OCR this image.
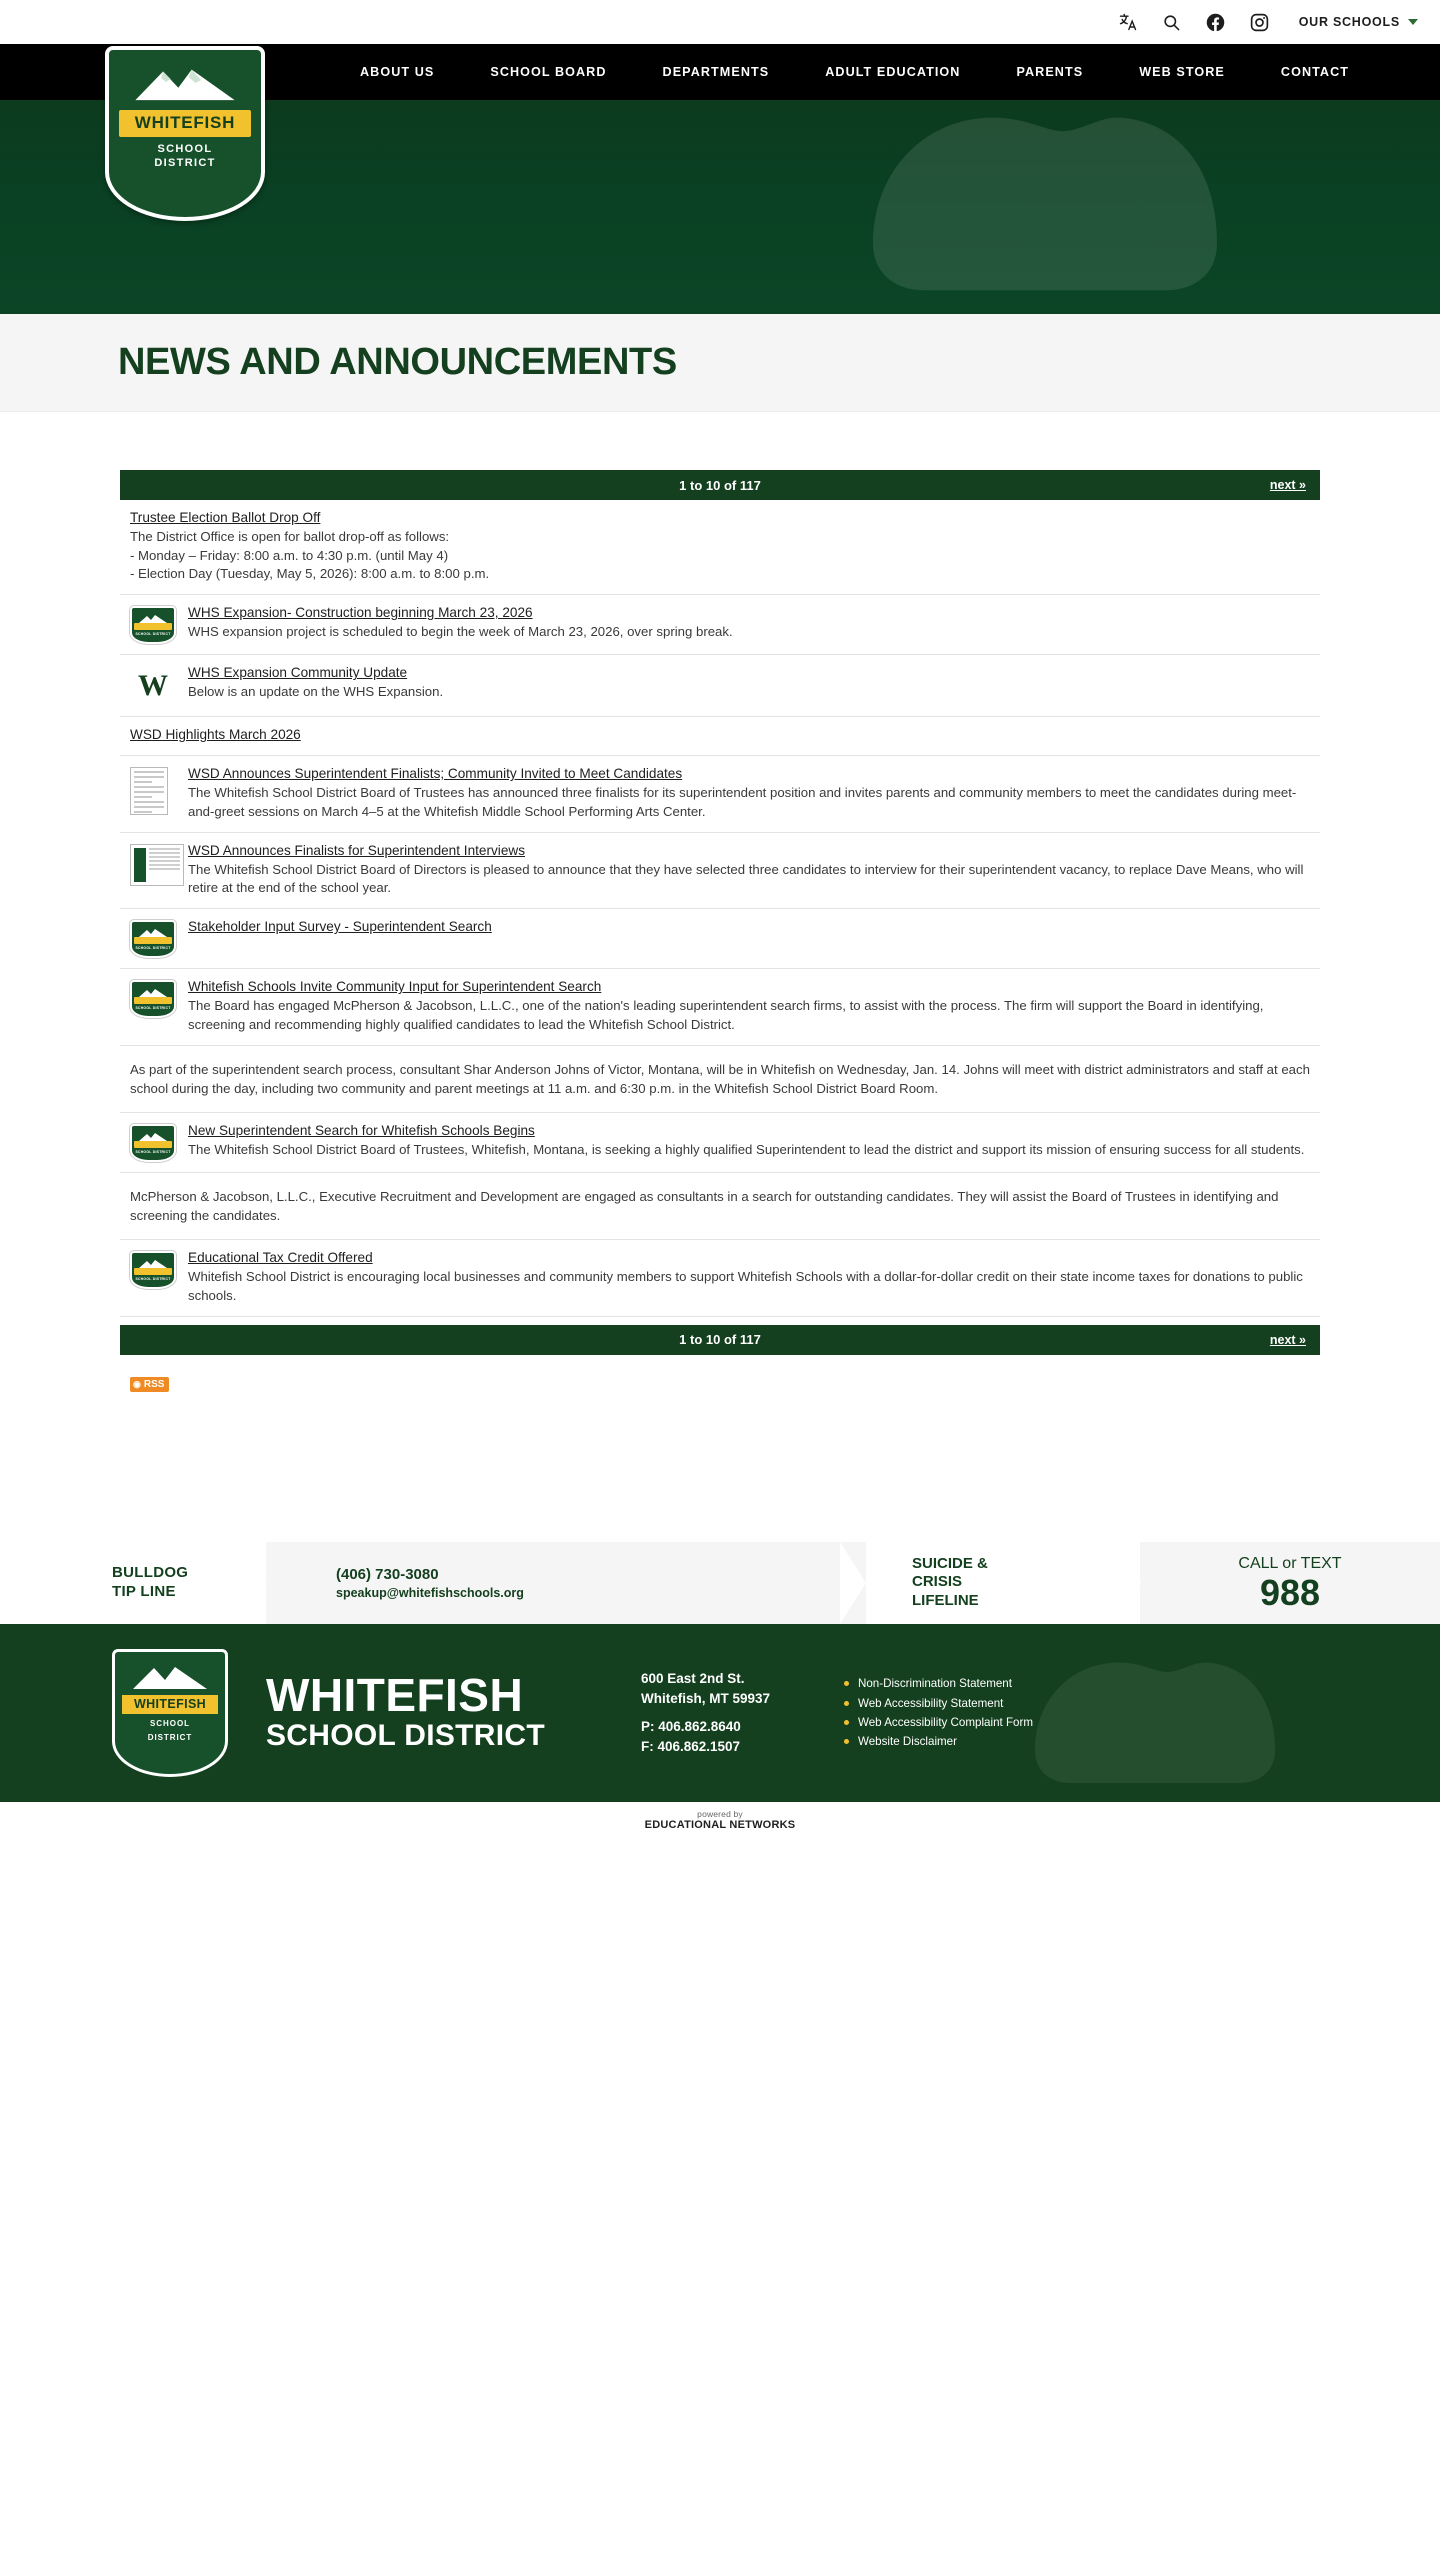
OUR SCHOOLS
ABOUT US	SCHOOL BOARD	DEPARTMENTS	ADULT EDUCATION	PARENTS	WEB STORE	CONTACT
WHITEFISH
SCHOOL
DISTRICT
NEWS AND ANNOUNCEMENTS
1 to 10 of 117	next »
Trustee Election Ballot Drop Off
The District Office is open for ballot drop-off as follows:
- Monday – Friday: 8:00 a.m. to 4:30 p.m. (until May 4)
- Election Day (Tuesday, May 5, 2026): 8:00 a.m. to 8:00 p.m.
SCHOOL DISTRICT
WHS Expansion- Construction beginning March 23, 2026

WHS expansion project is scheduled to begin the week of March 23, 2026, over spring break.

W	WHS Expansion Community Update

Below is an update on the WHS Expansion.

WSD Highlights March 2026
WSD Announces Superintendent Finalists; Community Invited to Meet Candidates

The Whitefish School District Board of Trustees has announced three finalists for its superintendent position and invites parents and community members to meet the candidates during meet-and-greet sessions on March 4–5 at the Whitefish Middle School Performing Arts Center.

WSD Announces Finalists for Superintendent Interviews

The Whitefish School District Board of Directors is pleased to announce that they have selected three candidates to interview for their superintendent vacancy, to replace Dave Means, who will retire at the end of the school year.

SCHOOL DISTRICT
Stakeholder Input Survey - Superintendent Search
SCHOOL DISTRICT
Whitefish Schools Invite Community Input for Superintendent Search

The Board has engaged McPherson & Jacobson, L.L.C., one of the nation's leading superintendent search firms, to assist with the process. The firm will support the Board in identifying, screening and recommending highly qualified candidates to lead the Whitefish School District.

As part of the superintendent search process, consultant Shar Anderson Johns of Victor, Montana, will be in Whitefish on Wednesday, Jan. 14. Johns will meet with district administrators and staff at each school during the day, including two community and parent meetings at 11 a.m. and 6:30 p.m. in the Whitefish School District Board Room.

SCHOOL DISTRICT
New Superintendent Search for Whitefish Schools Begins

The Whitefish School District Board of Trustees, Whitefish, Montana, is seeking a highly qualified Superintendent to lead the district and support its mission of ensuring success for all students.

McPherson & Jacobson, L.L.C., Executive Recruitment and Development are engaged as consultants in a search for outstanding candidates. They will assist the Board of Trustees in identifying and screening the candidates.

SCHOOL DISTRICT
Educational Tax Credit Offered

Whitefish School District is encouraging local businesses and community members to support Whitefish Schools with a dollar-for-dollar credit on their state income taxes for donations to public schools.

1 to 10 of 117	next »
◉ RSS
BULLDOG
TIP LINE
(406) 730-3080
speakup@whitefishschools.org
SUICIDE &
CRISIS
LIFELINE
CALL or TEXT
988
WHITEFISH
SCHOOL
DISTRICT
WHITEFISH
SCHOOL DISTRICT
600 East 2nd St.
Whitefish, MT 59937
P: 406.862.8640
F: 406.862.1507
Non-Discrimination Statement
Web Accessibility Statement
Web Accessibility Complaint Form
Website Disclaimer
powered by
EDUCATIONAL NETWORKS
